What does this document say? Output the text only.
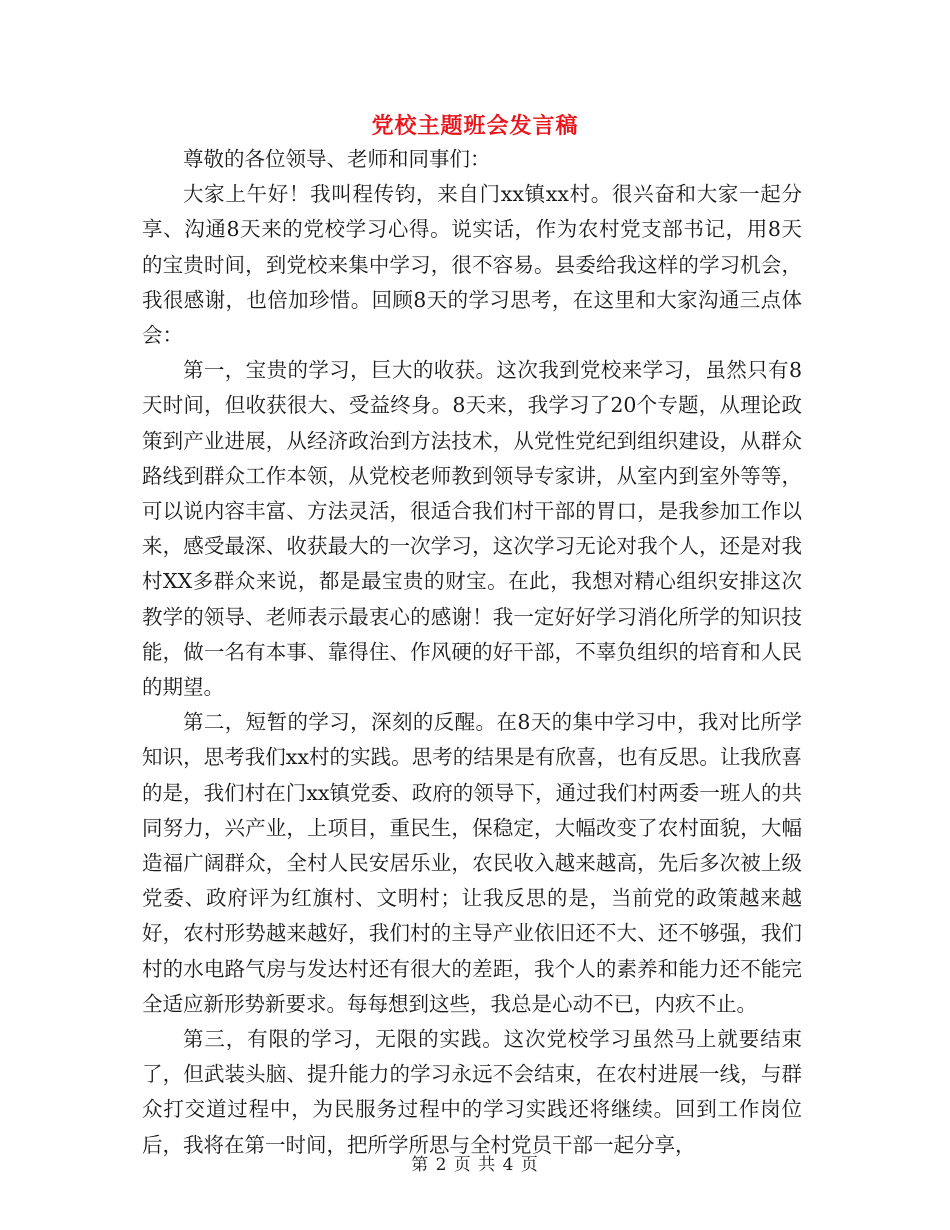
党校主题班会发言稿

尊敬的各位领导、老师和同事们：

大家上午好！我叫程传钧，来自门xx镇xx村。很兴奋和大家一起分享、沟通8天来的党校学习心得。说实话，作为农村党支部书记，用8天的宝贵时间，到党校来集中学习，很不容易。县委给我这样的学习机会，我很感谢，也倍加珍惜。回顾8天的学习思考，在这里和大家沟通三点体会：

第一，宝贵的学习，巨大的收获。这次我到党校来学习，虽然只有8天时间，但收获很大、受益终身。8天来，我学习了20个专题，从理论政策到产业进展，从经济政治到方法技术，从党性党纪到组织建设，从群众路线到群众工作本领，从党校老师教到领导专家讲，从室内到室外等等，可以说内容丰富、方法灵活，很适合我们村干部的胃口，是我参加工作以来，感受最深、收获最大的一次学习，这次学习无论对我个人，还是对我村XX多群众来说，都是最宝贵的财宝。在此，我想对精心组织安排这次教学的领导、老师表示最衷心的感谢！我一定好好学习消化所学的知识技能，做一名有本事、靠得住、作风硬的好干部，不辜负组织的培育和人民的期望。

第二，短暂的学习，深刻的反醒。在8天的集中学习中，我对比所学知识，思考我们xx村的实践。思考的结果是有欣喜，也有反思。让我欣喜的是，我们村在门xx镇党委、政府的领导下，通过我们村两委一班人的共同努力，兴产业，上项目，重民生，保稳定，大幅改变了农村面貌，大幅造福广阔群众，全村人民安居乐业，农民收入越来越高，先后多次被上级党委、政府评为红旗村、文明村；让我反思的是，当前党的政策越来越好，农村形势越来越好，我们村的主导产业依旧还不大、还不够强，我们村的水电路气房与发达村还有很大的差距，我个人的素养和能力还不能完全适应新形势新要求。每每想到这些，我总是心动不已，内疚不止。

第三，有限的学习，无限的实践。这次党校学习虽然马上就要结束了，但武装头脑、提升能力的学习永远不会结束，在农村进展一线，与群众打交道过程中，为民服务过程中的学习实践还将继续。回到工作岗位后，我将在第一时间，把所学所思与全村党员干部一起分享，

第 2 页 共 4 页
